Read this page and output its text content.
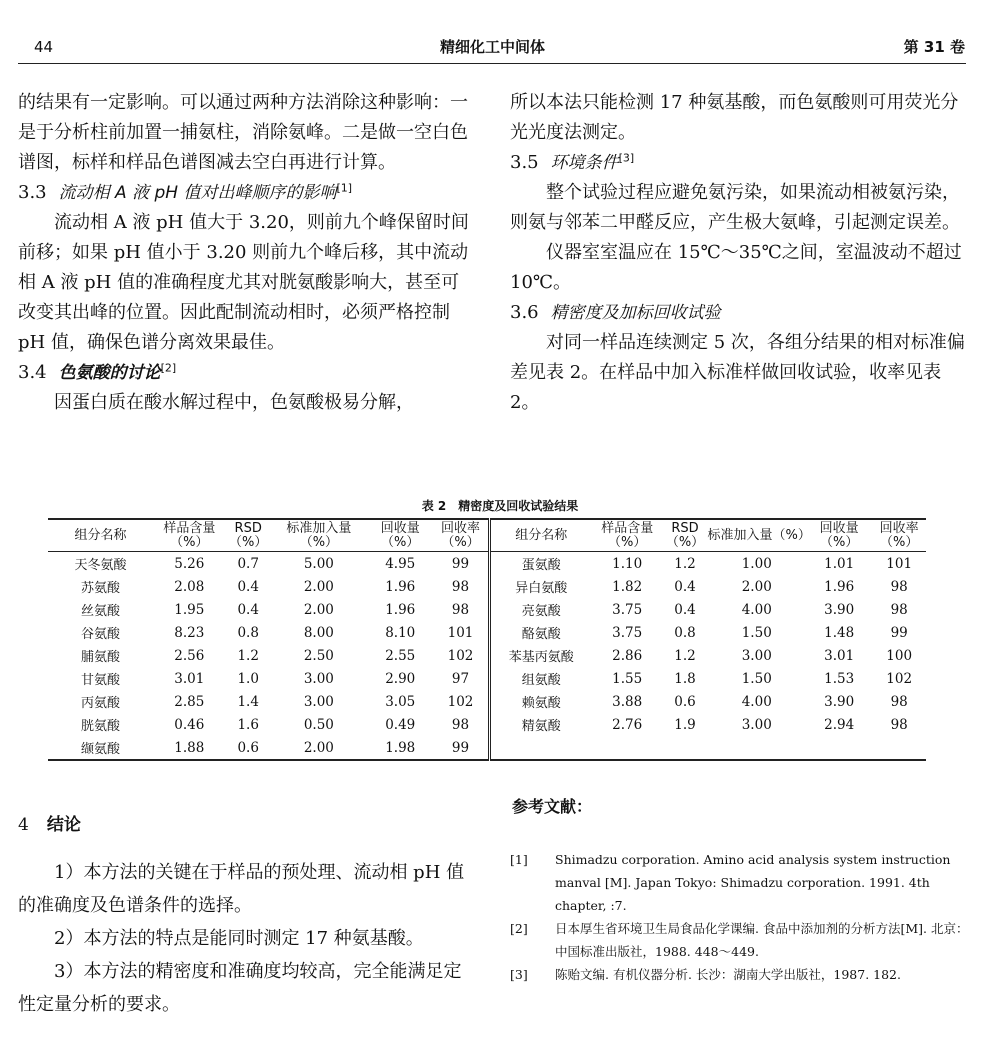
44	精细化工中间体	第 31 卷

的结果有一定影响。可以通过两种方法消除这种影响：一是于分析柱前加置一捕氨柱，消除氨峰。二是做一空白色谱图，标样和样品色谱图减去空白再进行计算。

3.3 流动相 A 液 pH 值对出峰顺序的影响[1]

流动相 A 液 pH 值大于 3.20，则前九个峰保留时间前移；如果 pH 值小于 3.20 则前九个峰后移，其中流动相 A 液 pH 值的准确程度尤其对胱氨酸影响大，甚至可改变其出峰的位置。因此配制流动相时，必须严格控制 pH 值，确保色谱分离效果最佳。

3.4 色氨酸的讨论[2]

因蛋白质在酸水解过程中，色氨酸极易分解，

所以本法只能检测 17 种氨基酸，而色氨酸则可用荧光分光光度法测定。

3.5 环境条件[3]

整个试验过程应避免氨污染，如果流动相被氨污染，则氨与邻苯二甲醛反应，产生极大氨峰，引起测定误差。

仪器室室温应在 15℃～35℃之间，室温波动不超过 10℃。

3.6 精密度及加标回收试验

对同一样品连续测定 5 次，各组分结果的相对标准偏差见表 2。在样品中加入标准样做回收试验，收率见表 2。

表 2　精密度及回收试验结果
组分名称	样品含量（%）	RSD（%）	标准加入量（%）	回收量（%）	回收率（%）	组分名称	样品含量（%）	RSD（%）	标准加入量（%）	回收量（%）	回收率（%）
天冬氨酸	5.26	0.7	5.00	4.95	99	蛋氨酸	1.10	1.2	1.00	1.01	101
苏氨酸	2.08	0.4	2.00	1.96	98	异白氨酸	1.82	0.4	2.00	1.96	98
丝氨酸	1.95	0.4	2.00	1.96	98	亮氨酸	3.75	0.4	4.00	3.90	98
谷氨酸	8.23	0.8	8.00	8.10	101	酪氨酸	3.75	0.8	1.50	1.48	99
脯氨酸	2.56	1.2	2.50	2.55	102	苯基丙氨酸	2.86	1.2	3.00	3.01	100
甘氨酸	3.01	1.0	3.00	2.90	97	组氨酸	1.55	1.8	1.50	1.53	102
丙氨酸	2.85	1.4	3.00	3.05	102	赖氨酸	3.88	0.6	4.00	3.90	98
胱氨酸	0.46	1.6	0.50	0.49	98	精氨酸	2.76	1.9	3.00	2.94	98
缬氨酸	1.88	0.6	2.00	1.98	99						
4 结论

1）本方法的关键在于样品的预处理、流动相 pH 值的准确度及色谱条件的选择。

2）本方法的特点是能同时测定 17 种氨基酸。

3）本方法的精密度和准确度均较高，完全能满足定性定量分析的要求。

参考文献：
[1]	Shimadzu corporation. Amino acid analysis system instruction manval [M]. Japan Tokyo: Shimadzu corporation. 1991. 4th chapter, :7.
[2]	日本厚生省环境卫生局食品化学课编. 食品中添加剂的分析方法[M]. 北京：中国标准出版社，1988. 448～449.
[3]	陈贻文编. 有机仪器分析. 长沙：湖南大学出版社，1987. 182.
